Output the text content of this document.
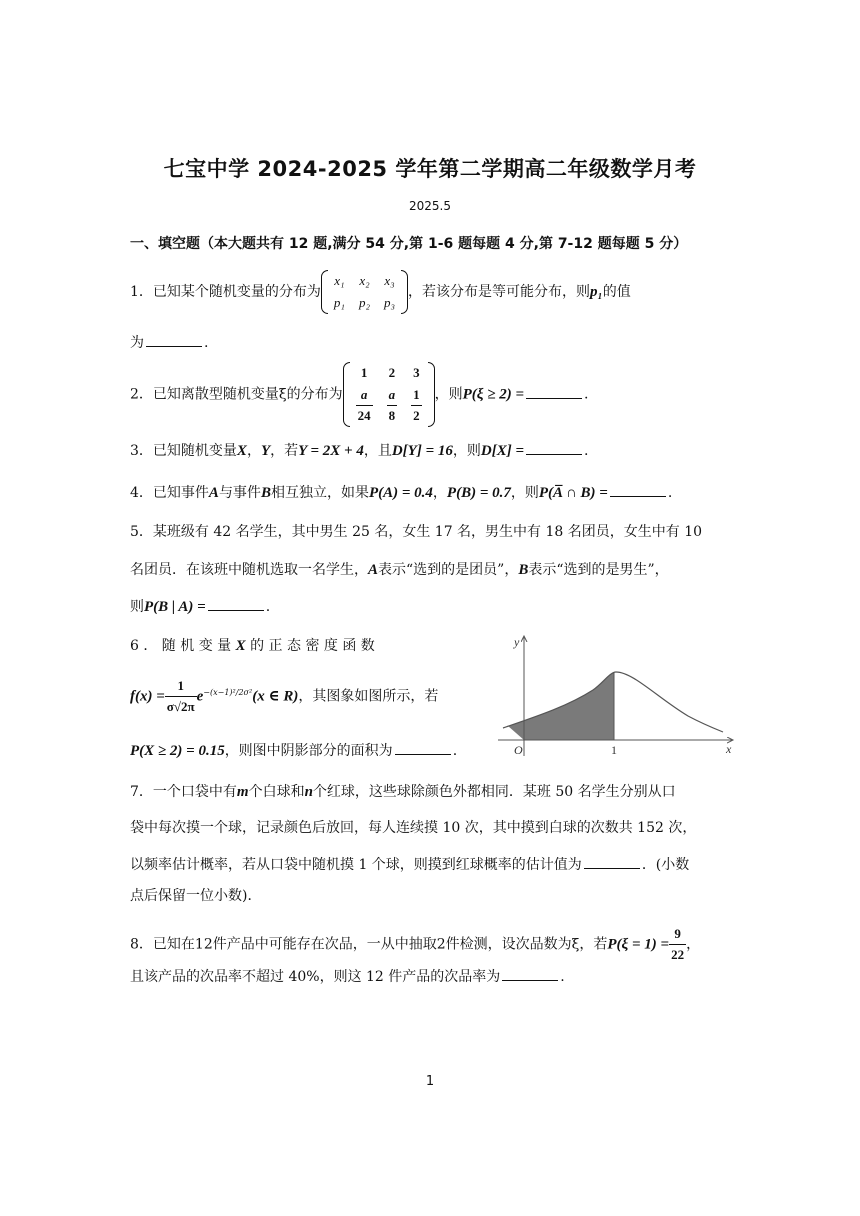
七宝中学 2024-2025 学年第二学期高二年级数学月考
2025.5
一、填空题（本大题共有 12 题,满分 54 分,第 1-6 题每题 4 分,第 7-12 题每题 5 分）
1．已知某个随机变量的分布为
x₁	x₂	x₃
p₁	p₂	p₃
，若该分布是等可能分布，则p₁的值
为	.
2．已知离散型随机变量ξ的分布为
1	2	3

$\frac{a}{24}$	$\frac{a}{8}$	$\frac{1}{2}$ ，则P(ξ ≥ 2) =	.
3．已知随机变量X，Y，若Y = 2X + 4，且D[Y] = 16，则D[X] =	.
4．已知事件A与事件B相互独立，如果P(A) = 0.4，P(B) = 0.7，则P(A̅ ∩ B) =	.
5．某班级有 42 名学生，其中男生 25 名，女生 17 名，男生中有 18 名团员，女生中有 10
名团员．在该班中随机选取一名学生，A表示“选到的是团员”，B表示“选到的是男生”，
则P(B | A) =	.
6 ． 随 机 变 量 X 的 正 态 密 度 函 数
$f(x) = \frac{1}{\sigma√2\pi} e^{-(x-1)^2/2\sigma^2}(x$ ∈ R)，其图象如图所示，若
P(X ≥ 2) = 0.15，则图中阴影部分的面积为	.
y
x
O	1
7．一个口袋中有m个白球和n个红球，这些球除颜色外都相同．某班 50 名学生分别从口
袋中每次摸一个球，记录颜色后放回，每人连续摸 10 次，其中摸到白球的次数共 152 次，
以频率估计概率，若从口袋中随机摸 1 个球，则摸到红球概率的估计值为	．(小数
点后保留一位小数)．
8．已知在12件产品中可能存在次品，一从中抽取2件检测，设次品数为ξ，若$P(\xi = 1) = \frac{9}{22}$ ，
且该产品的次品率不超过 40%，则这 12 件产品的次品率为	.
1
